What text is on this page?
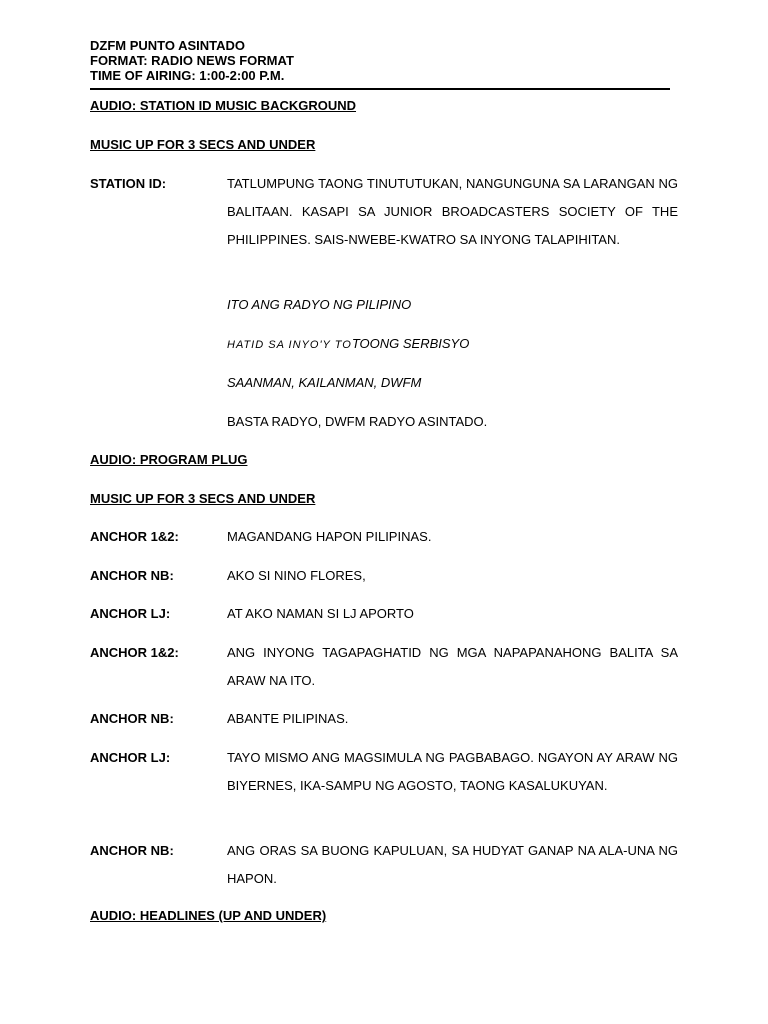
DZFM PUNTO ASINTADO
FORMAT: RADIO NEWS FORMAT
TIME OF AIRING: 1:00-2:00 P.M.
AUDIO: STATION ID MUSIC BACKGROUND
MUSIC UP FOR 3 SECS AND UNDER
STATION ID:	TATLUMPUNG TAONG TINUTUTUKAN, NANGUNGUNA SA LARANGAN NG BALITAAN. KASAPI SA JUNIOR BROADCASTERS SOCIETY OF THE PHILIPPINES. SAIS-NWEBE-KWATRO SA INYONG TALAPIHITAN.
ITO ANG RADYO NG PILIPINO
HATID SA INYO'Y TOTOONG SERBISYO
SAANMAN, KAILANMAN, DWFM
BASTA RADYO, DWFM RADYO ASINTADO.
AUDIO: PROGRAM PLUG
MUSIC UP FOR 3 SECS AND UNDER
ANCHOR 1&2:	MAGANDANG HAPON PILIPINAS.
ANCHOR NB:	AKO SI NINO FLORES,
ANCHOR LJ:	AT AKO NAMAN SI LJ APORTO
ANCHOR 1&2:	ANG INYONG TAGAPAGHATID NG MGA NAPAPANAHONG BALITA SA ARAW NA ITO.
ANCHOR NB:	ABANTE PILIPINAS.
ANCHOR LJ:	TAYO MISMO ANG MAGSIMULA NG PAGBABAGO. NGAYON AY ARAW NG BIYERNES, IKA-SAMPU NG AGOSTO, TAONG KASALUKUYAN.
ANCHOR NB:	ANG ORAS SA BUONG KAPULUAN, SA HUDYAT GANAP NA ALA-UNA NG HAPON.
AUDIO: HEADLINES (UP AND UNDER)
